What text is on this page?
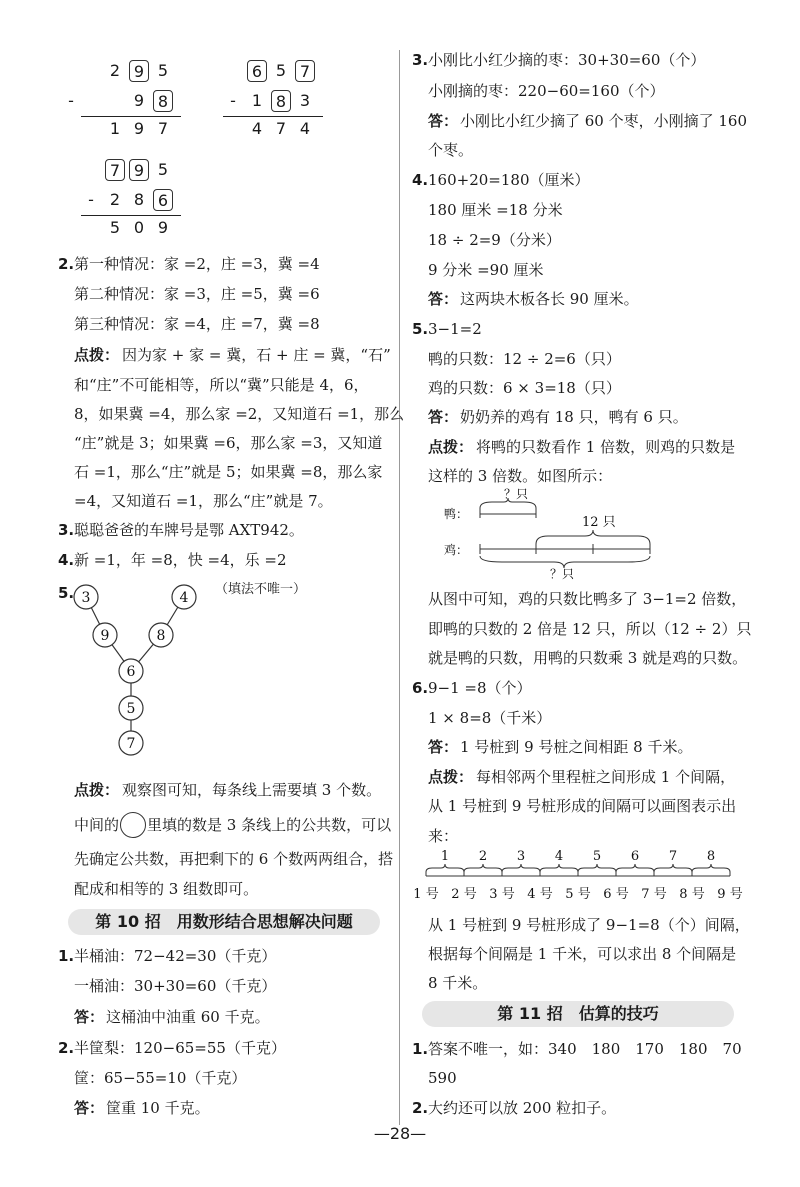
2 9 5
-	9 8
1 9 7
6 5 7
-	1 8 3
4 7 4
7 9 5
-	2 8 6
5 0 9
2. 第一种情况：家 =2，庄 =3，冀 =4
第二种情况：家 =3，庄 =5，冀 =6
第三种情况：家 =4，庄 =7，冀 =8
点拨： 因为家 + 家 = 冀，石 + 庄 = 冀，“石”
和“庄”不可能相等，所以“冀”只能是 4，6，
8，如果冀 =4，那么家 =2，又知道石 =1，那么
“庄”就是 3；如果冀 =6，那么家 =3，又知道
石 =1，那么“庄”就是 5；如果冀 =8，那么家
=4，又知道石 =1，那么“庄”就是 7。
3. 聪聪爸爸的车牌号是鄂 AXT942。
4. 新 =1，年 =8，快 =4，乐 =2
5.	（填法不唯一）
3	4
9	8
6
5
7
点拨： 观察图可知，每条线上需要填 3 个数。
中间的 里填的数是 3 条线上的公共数，可以
先确定公共数，再把剩下的 6 个数两两组合，搭
配成和相等的 3 组数即可。
第 10 招　用数形结合思想解决问题
1. 半桶油：72−42=30（千克）
一桶油：30+30=60（千克）
答： 这桶油中油重 60 千克。
2. 半筐梨：120−65=55（千克）
筐：65−55=10（千克）
答： 筐重 10 千克。
3. 小刚比小红少摘的枣：30+30=60（个）
小刚摘的枣：220−60=160（个）
答： 小刚比小红少摘了 60 个枣，小刚摘了 160
个枣。
4. 160+20=180（厘米）
180 厘米 =18 分米
18 ÷ 2=9（分米）
9 分米 =90 厘米
答： 这两块木板各长 90 厘米。
5. 3−1=2
鸭的只数：12 ÷ 2=6（只）
鸡的只数：6 × 3=18（只）
答： 奶奶养的鸡有 18 只，鸭有 6 只。
点拨： 将鸭的只数看作 1 倍数，则鸡的只数是
这样的 3 倍数。如图所示：
？只
鸭：
12 只
鸡：
？只
从图中可知，鸡的只数比鸭多了 3−1=2 倍数，
即鸭的只数的 2 倍是 12 只，所以（12 ÷ 2）只
就是鸭的只数，用鸭的只数乘 3 就是鸡的只数。
6. 9−1 =8（个）
1 × 8=8（千米）
答： 1 号桩到 9 号桩之间相距 8 千米。
点拨： 每相邻两个里程桩之间形成 1 个间隔，
从 1 号桩到 9 号桩形成的间隔可以画图表示出
来：
1 2 3 4 5 6 7 8
1 号 2 号 3 号 4 号 5 号 6 号 7 号 8 号 9 号
从 1 号桩到 9 号桩形成了 9−1=8（个）间隔，
根据每个间隔是 1 千米，可以求出 8 个间隔是
8 千米。
第 11 招　估算的技巧
1. 答案不唯一，如：340　180　170　180　70
590
2. 大约还可以放 200 粒扣子。
—28—
